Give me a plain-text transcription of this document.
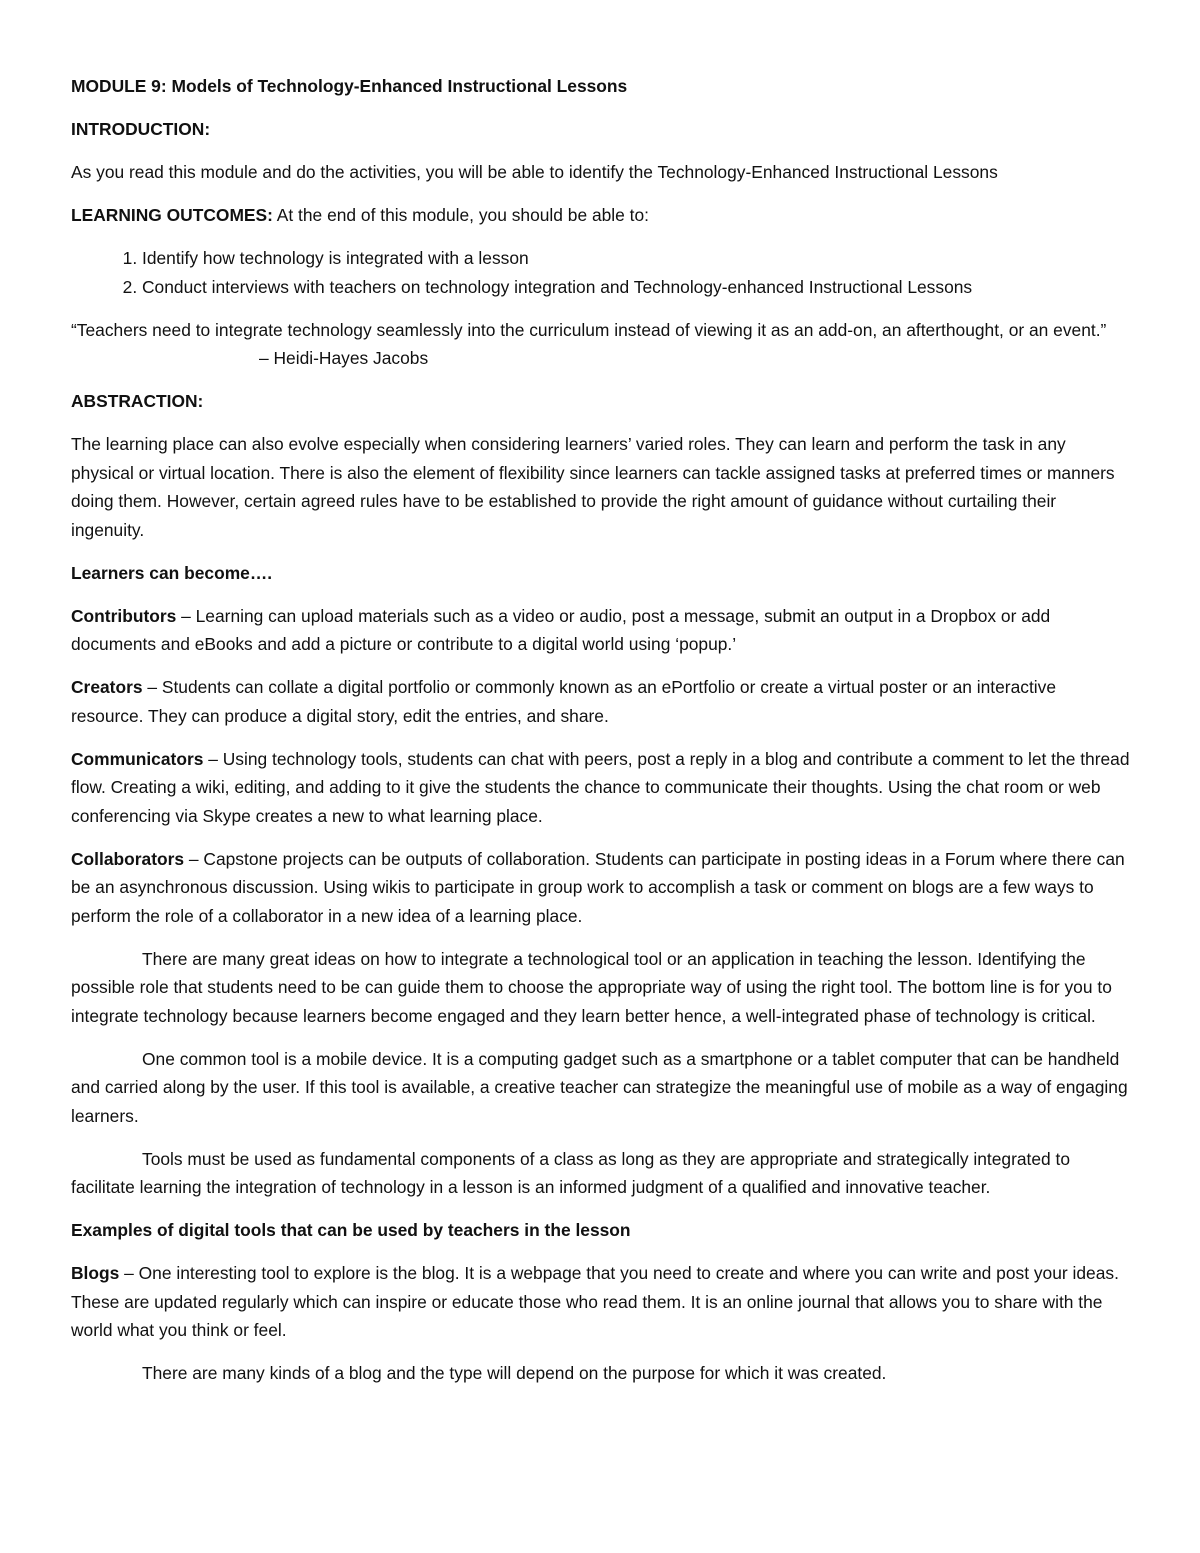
MODULE 9: Models of Technology-Enhanced Instructional Lessons

INTRODUCTION:

As you read this module and do the activities, you will be able to identify the Technology-Enhanced Instructional Lessons

LEARNING OUTCOMES: At the end of this module, you should be able to:

1. Identify how technology is integrated with a lesson
2. Conduct interviews with teachers on technology integration and Technology-enhanced Instructional Lessons

“Teachers need to integrate technology seamlessly into the curriculum instead of viewing it as an add-on, an afterthought, or an event.”– Heidi-Hayes Jacobs

ABSTRACTION:

The learning place can also evolve especially when considering learners’ varied roles. They can learn and perform the task in any physical or virtual location. There is also the element of flexibility since learners can tackle assigned tasks at preferred times or manners doing them. However, certain agreed rules have to be established to provide the right amount of guidance without curtailing their ingenuity.

Learners can become….

Contributors – Learning can upload materials such as a video or audio, post a message, submit an output in a Dropbox or add documents and eBooks and add a picture or contribute to a digital world using ‘popup.’

Creators – Students can collate a digital portfolio or commonly known as an ePortfolio or create a virtual poster or an interactive resource. They can produce a digital story, edit the entries, and share.

Communicators – Using technology tools, students can chat with peers, post a reply in a blog and contribute a comment to let the thread flow. Creating a wiki, editing, and adding to it give the students the chance to communicate their thoughts. Using the chat room or web conferencing via Skype creates a new to what learning place.

Collaborators – Capstone projects can be outputs of collaboration. Students can participate in posting ideas in a Forum where there can be an asynchronous discussion. Using wikis to participate in group work to accomplish a task or comment on blogs are a few ways to perform the role of a collaborator in a new idea of a learning place.

There are many great ideas on how to integrate a technological tool or an application in teaching the lesson. Identifying the possible role that students need to be can guide them to choose the appropriate way of using the right tool. The bottom line is for you to integrate technology because learners become engaged and they learn better hence, a well-integrated phase of technology is critical.

One common tool is a mobile device. It is a computing gadget such as a smartphone or a tablet computer that can be handheld and carried along by the user. If this tool is available, a creative teacher can strategize the meaningful use of mobile as a way of engaging learners.

Tools must be used as fundamental components of a class as long as they are appropriate and strategically integrated to facilitate learning the integration of technology in a lesson is an informed judgment of a qualified and innovative teacher.

Examples of digital tools that can be used by teachers in the lesson

Blogs – One interesting tool to explore is the blog. It is a webpage that you need to create and where you can write and post your ideas. These are updated regularly which can inspire or educate those who read them. It is an online journal that allows you to share with the world what you think or feel.

There are many kinds of a blog and the type will depend on the purpose for which it was created.
